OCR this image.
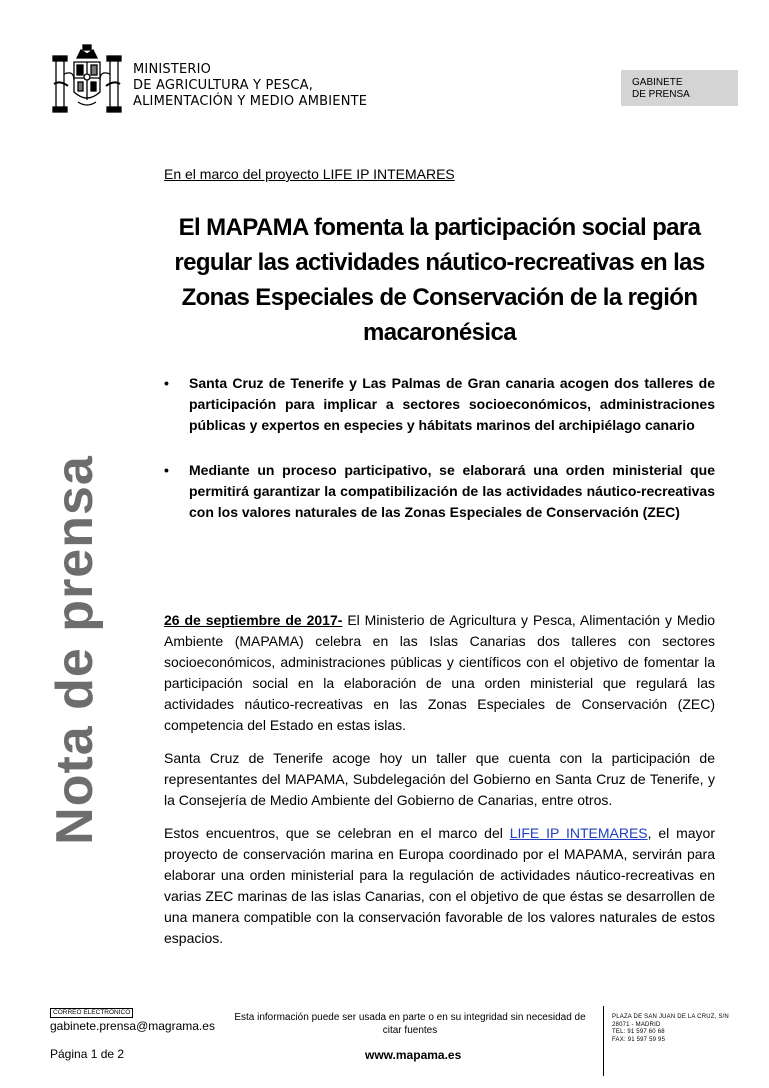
MINISTERIO
DE AGRICULTURA Y PESCA,
ALIMENTACIÓN Y MEDIO AMBIENTE
GABINETE
DE PRENSA
Nota de prensa
En el marco del proyecto LIFE IP INTEMARES
El MAPAMA fomenta la participación social para
regular las actividades náutico-recreativas en las
Zonas Especiales de Conservación de la región
macaronésica
• Santa Cruz de Tenerife y Las Palmas de Gran canaria acogen dos talleres de participación para implicar a sectores socioeconómicos, administraciones públicas y expertos en especies y hábitats marinos del archipiélago canario
• Mediante un proceso participativo, se elaborará una orden ministerial que permitirá garantizar la compatibilización de las actividades náutico-recreativas con los valores naturales de las Zonas Especiales de Conservación (ZEC)

26 de septiembre de 2017- El Ministerio de Agricultura y Pesca, Alimentación y Medio Ambiente (MAPAMA) celebra en las Islas Canarias dos talleres con sectores socioeconómicos, administraciones públicas y científicos con el objetivo de fomentar la participación social en la elaboración de una orden ministerial que regulará las actividades náutico-recreativas en las Zonas Especiales de Conservación (ZEC) competencia del Estado en estas islas.

Santa Cruz de Tenerife acoge hoy un taller que cuenta con la participación de representantes del MAPAMA, Subdelegación del Gobierno en Santa Cruz de Tenerife, y la Consejería de Medio Ambiente del Gobierno de Canarias, entre otros.

Estos encuentros, que se celebran en el marco del LIFE IP INTEMARES, el mayor proyecto de conservación marina en Europa coordinado por el MAPAMA, servirán para elaborar una orden ministerial para la regulación de actividades náutico-recreativas en varias ZEC marinas de las islas Canarias, con el objetivo de que éstas se desarrollen de una manera compatible con la conservación favorable de los valores naturales de estos espacios.

CORREO ELECTRÓNICO
gabinete.prensa@magrama.es
Esta información puede ser usada en parte o en su integridad sin necesidad de citar fuentes
PLAZA DE SAN JUAN DE LA CRUZ, S/N
28071 - MADRID
TEL: 91 597 60 68
FAX: 91 597 59 95
Página 1 de 2	www.mapama.es
